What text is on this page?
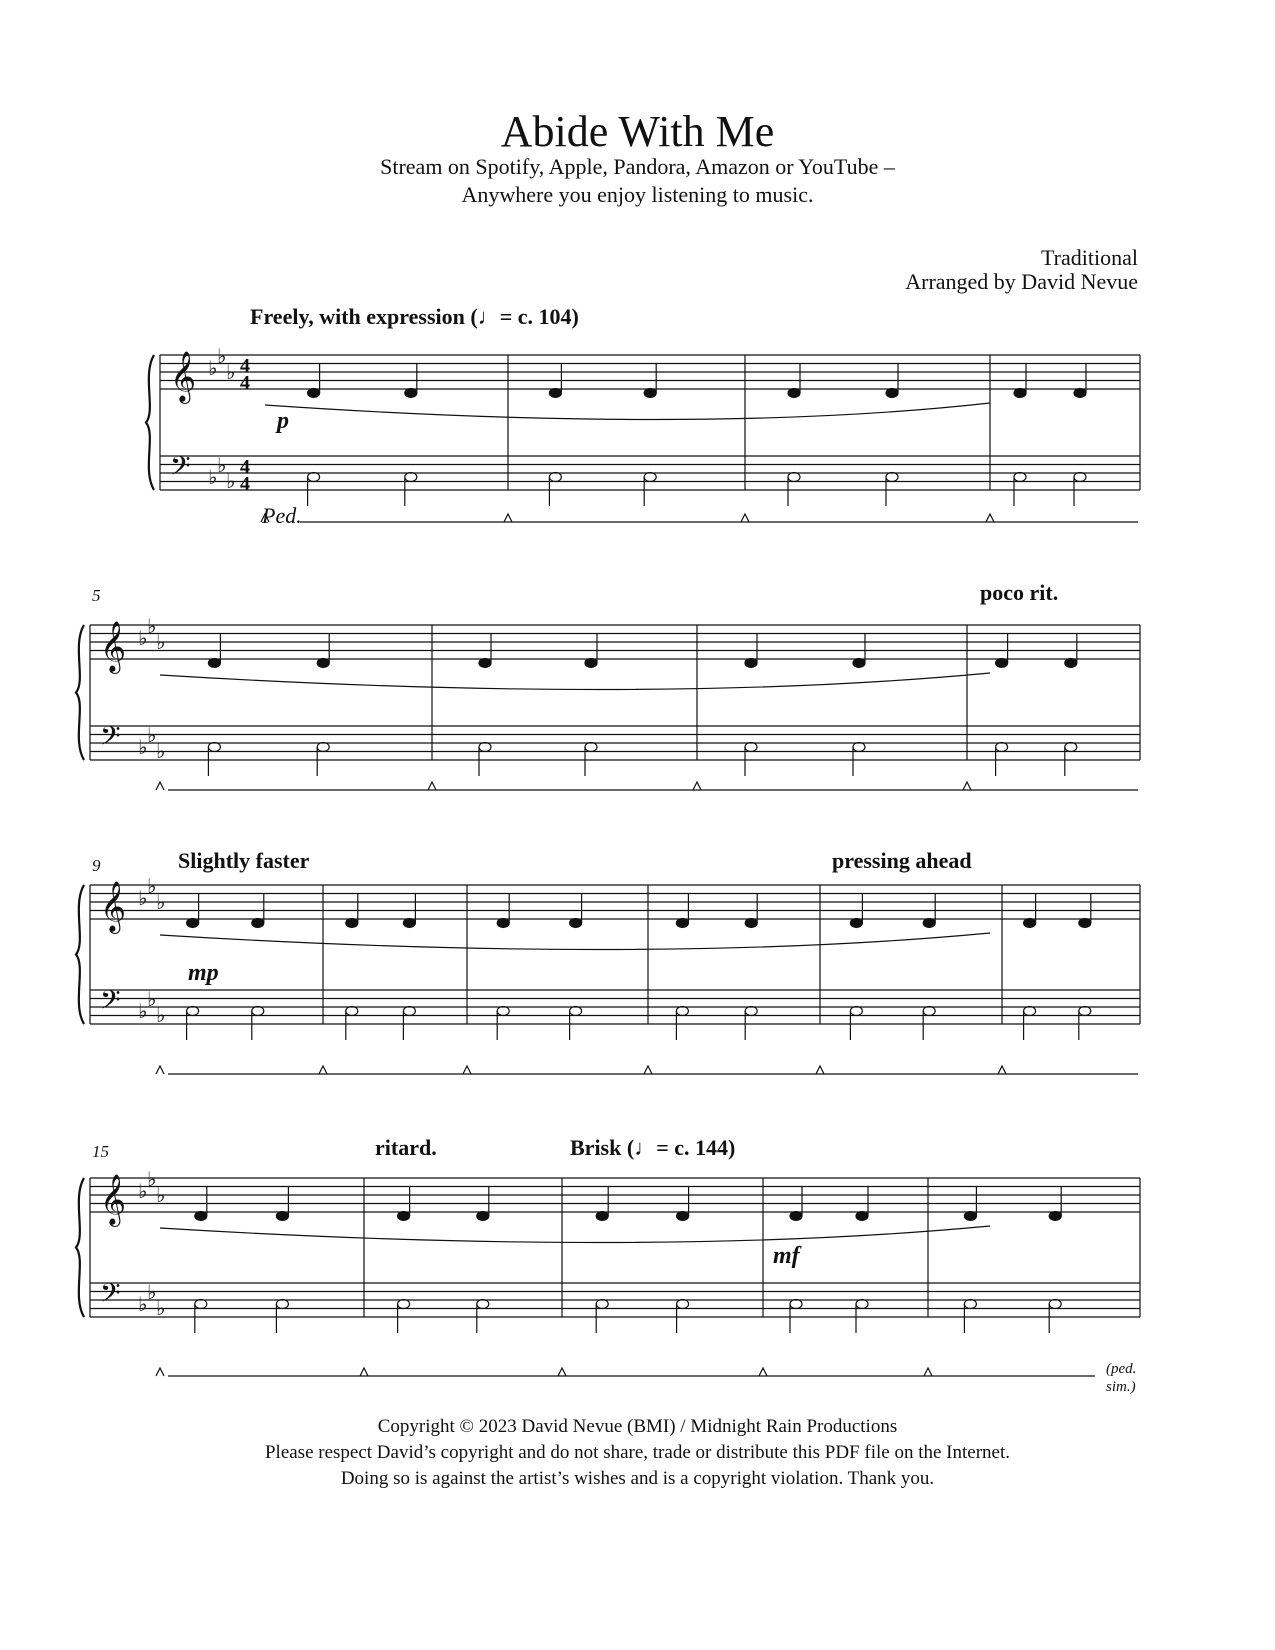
Abide With Me
Stream on Spotify, Apple, Pandora, Amazon or YouTube –
Anywhere you enjoy listening to music.
Traditional
Arranged by David Nevue
Freely, with expression (♩= c. 104)
poco rit.
Slightly faster	pressing ahead
ritard.	Brisk (♩= c. 144)
5
9
15
p
mp
mf
Ped.
(ped. sim.)
Copyright © 2023 David Nevue (BMI) / Midnight Rain Productions
Please respect David’s copyright and do not share, trade or distribute this PDF file on the Internet.
Doing so is against the artist’s wishes and is a copyright violation. Thank you.
𝄞
𝄢
♭
♭
♭
♭
♭
♭
4
4
4
4
𝄞
𝄢
♭
♭
♭
♭
♭
♭
𝄞
𝄢
♭
♭
♭
♭
♭
♭
𝄞
𝄢
♭
♭
♭
♭
♭
♭
